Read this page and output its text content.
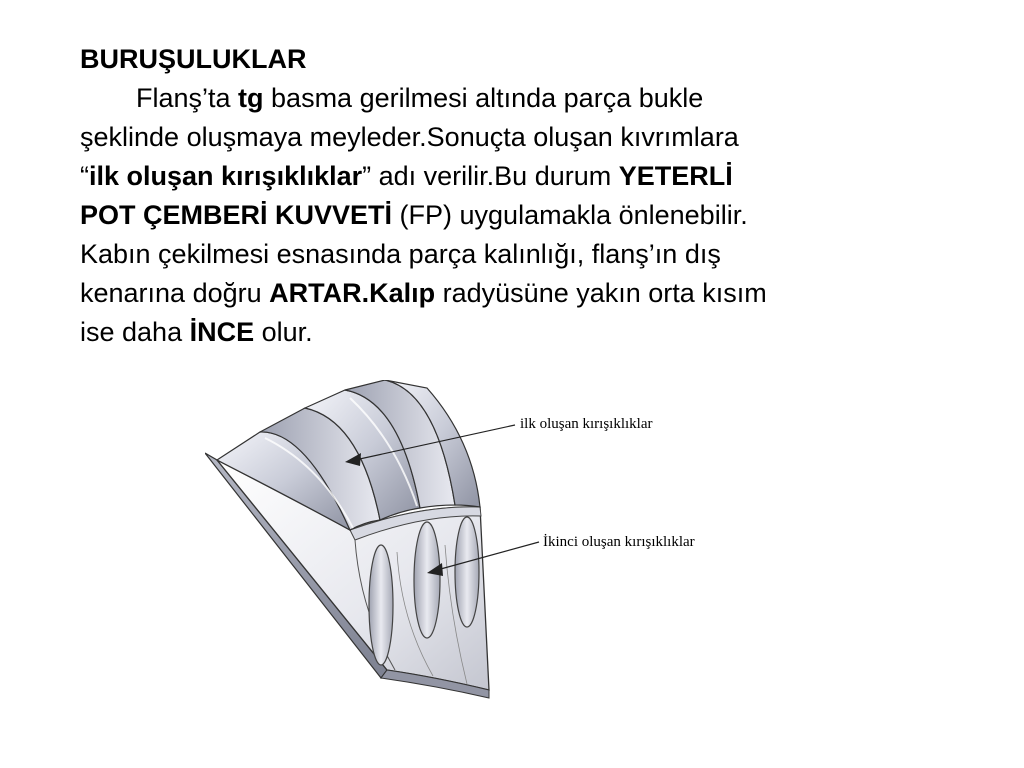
BURUŞULUKLAR

Flanş’ta tg basma gerilmesi altında parça bukle
şeklinde oluşmaya meyleder.Sonuçta oluşan kıvrımlara
“ilk oluşan kırışıklıklar” adı verilir.Bu durum YETERLİ
POT ÇEMBERİ KUVVETİ (FP) uygulamakla önlenebilir.
Kabın çekilmesi esnasında parça kalınlığı, flanş’ın dış
kenarına doğru ARTAR.Kalıp radyüsüne yakın orta kısım
ise daha İNCE olur.

ilk oluşan kırışıklıklar
İkinci oluşan kırışıklıklar
